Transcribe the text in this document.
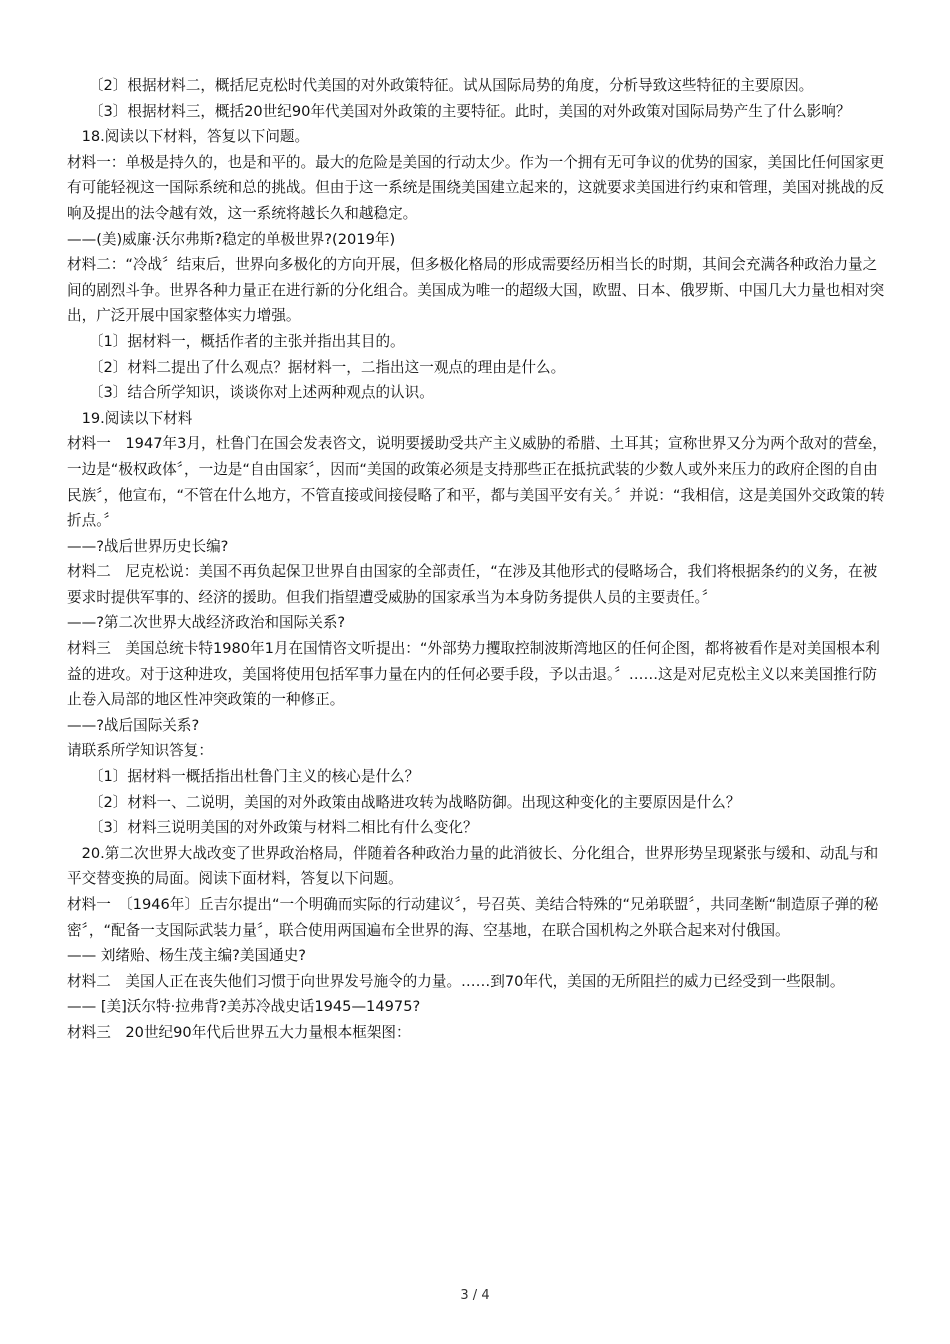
〔2〕根据材料二，概括尼克松时代美国的对外政策特征。试从国际局势的角度，分析导致这些特征的主要原因。

〔3〕根据材料三，概括20世纪90年代美国对外政策的主要特征。此时，美国的对外政策对国际局势产生了什么影响？

18.阅读以下材料，答复以下问题。

材料一：单极是持久的，也是和平的。最大的危险是美国的行动太少。作为一个拥有无可争议的优势的国家，美国比任何国家更有可能轻视这一国际系统和总的挑战。但由于这一系统是围绕美国建立起来的，这就要求美国进行约束和管理，美国对挑战的反响及提出的法令越有效，这一系统将越长久和越稳定。

——(美)威廉·沃尔弗斯?稳定的单极世界?(2019年)

材料二：“冷战〞结束后，世界向多极化的方向开展，但多极化格局的形成需要经历相当长的时期，其间会充满各种政治力量之间的剧烈斗争。世界各种力量正在进行新的分化组合。美国成为唯一的超级大国，欧盟、日本、俄罗斯、中国几大力量也相对突出，广泛开展中国家整体实力增强。

〔1〕据材料一，概括作者的主张并指出其目的。

〔2〕材料二提出了什么观点？据材料一，二指出这一观点的理由是什么。

〔3〕结合所学知识，谈谈你对上述两种观点的认识。

19.阅读以下材料

材料一　1947年3月，杜鲁门在国会发表咨文，说明要援助受共产主义威胁的希腊、土耳其；宣称世界又分为两个敌对的营垒，一边是“极权政体〞，一边是“自由国家〞，因而“美国的政策必须是支持那些正在抵抗武装的少数人或外来压力的政府企图的自由民族〞，他宣布，“不管在什么地方，不管直接或间接侵略了和平，都与美国平安有关。〞并说：“我相信，这是美国外交政策的转折点。〞

——?战后世界历史长编?

材料二　尼克松说：美国不再负起保卫世界自由国家的全部责任，“在涉及其他形式的侵略场合，我们将根据条约的义务，在被要求时提供军事的、经济的援助。但我们指望遭受威胁的国家承当为本身防务提供人员的主要责任。〞

——?第二次世界大战经济政治和国际关系?

材料三　美国总统卡特1980年1月在国情咨文听提出：“外部势力攫取控制波斯湾地区的任何企图，都将被看作是对美国根本利益的进攻。对于这种进攻，美国将使用包括军事力量在内的任何必要手段，予以击退。〞……这是对尼克松主义以来美国推行防止卷入局部的地区性冲突政策的一种修正。

——?战后国际关系?

请联系所学知识答复：

〔1〕据材料一概括指出杜鲁门主义的核心是什么？

〔2〕材料一、二说明，美国的对外政策由战略进攻转为战略防御。出现这种变化的主要原因是什么？

〔3〕材料三说明美国的对外政策与材料二相比有什么变化？

20.第二次世界大战改变了世界政治格局，伴随着各种政治力量的此消彼长、分化组合，世界形势呈现紧张与缓和、动乱与和平交替变换的局面。阅读下面材料，答复以下问题。

材料一　〔1946年〕丘吉尔提出“一个明确而实际的行动建议〞，号召英、美结合特殊的“兄弟联盟〞，共同垄断“制造原子弹的秘密〞，“配备一支国际武装力量〞，联合使用两国遍布全世界的海、空基地，在联合国机构之外联合起来对付俄国。

—— 刘绪贻、杨生茂主编?美国通史?

材料二　美国人正在丧失他们习惯于向世界发号施令的力量。……到70年代，美国的无所阻拦的威力已经受到一些限制。

—— [美]沃尔特·拉弗背?美苏冷战史话1945—14975?

材料三　20世纪90年代后世界五大力量根本框架图：

3 / 4
